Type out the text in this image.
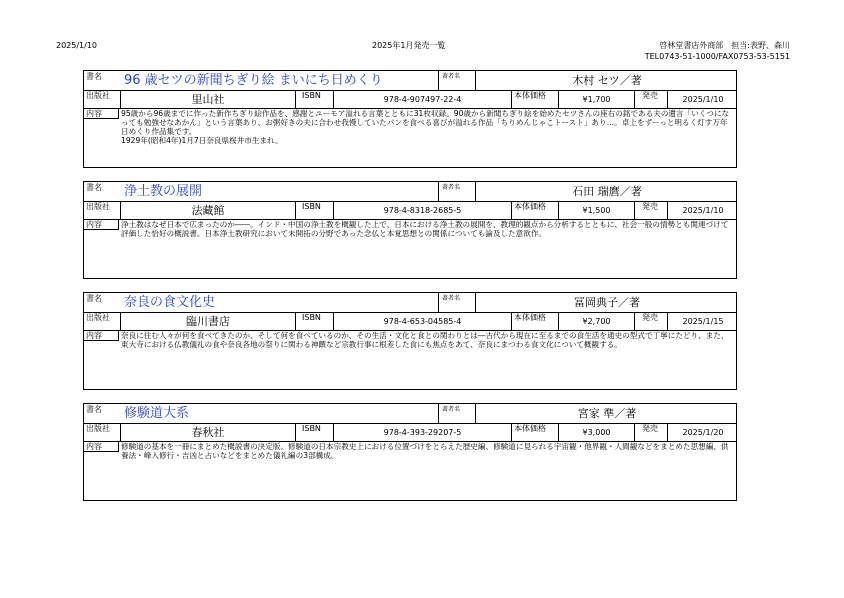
2025/1/10	2025年1月発売一覧	啓林堂書店外商部　担当:表野、森川
TEL0743-51-1000/FAX0753-53-5151
書名 96 歳セツの新聞ちぎり絵 まいにち日めくり	著者名	木村 セツ／著
出版社	里山社	ISBN	978-4-907497-22-4	本体価格	¥1,700	発売	2025/1/10
内容	95歳から96歳までに作った新作ちぎり絵作品を、感謝とユーモア溢れる言葉とともに31枚収録。90歳から新聞ちぎり絵を始めたセツさんの座右の銘である夫の遺言「いくつになっても勉強せなあかん」という言葉あり、お粥好きの夫に合わせ我慢していたパンを食べる喜びが溢れる作品「ちりめんじゃこトースト」あり…。卓上をずーっと明るく灯す万年日めくり作品集です。
1929年(昭和4年)1月7日奈良県桜井市生まれ。
書名 浄土教の展開	著者名	石田 瑞麿／著
出版社	法藏館	ISBN	978-4-8318-2685-5	本体価格	¥1,500	発売	2025/1/10
内容	浄土教はなぜ日本で広まったのか――。インド・中国の浄土教を概観した上で、日本における浄土教の展開を、教理的観点から分析するとともに、社会一般の情勢とも関連づけて評価した恰好の概説書。日本浄土教研究において未開拓の分野であった念仏と本覚思想との関係についても論及した意欲作。
書名 奈良の食文化史	著者名	冨岡典子／著
出版社	臨川書店	ISBN	978-4-653-04585-4	本体価格	¥2,700	発売	2025/1/15
内容	奈良に住む人々が何を食べてきたのか、そして何を食べているのか、その生活・文化と食との関わりとは―古代から現在に至るまでの食生活を通史の型式で丁寧にたどり、また、東大寺における仏教儀礼の食や奈良各地の祭りに関わる神饌など宗教行事に根差した食にも焦点をあて、奈良にまつわる食文化について概観する。
書名 修験道大系	著者名	宮家 準／著
出版社	春秋社	ISBN	978-4-393-29207-5	本体価格	¥3,000	発売	2025/1/20
内容	修験道の基本を一冊にまとめた概説書の決定版。修験道の日本宗教史上における位置づけをとらえた歴史編、修験道に見られる宇宙観・他界観・人間観などをまとめた思想編、供養法・峰入修行・吉凶と占いなどをまとめた儀礼編の3部構成。
